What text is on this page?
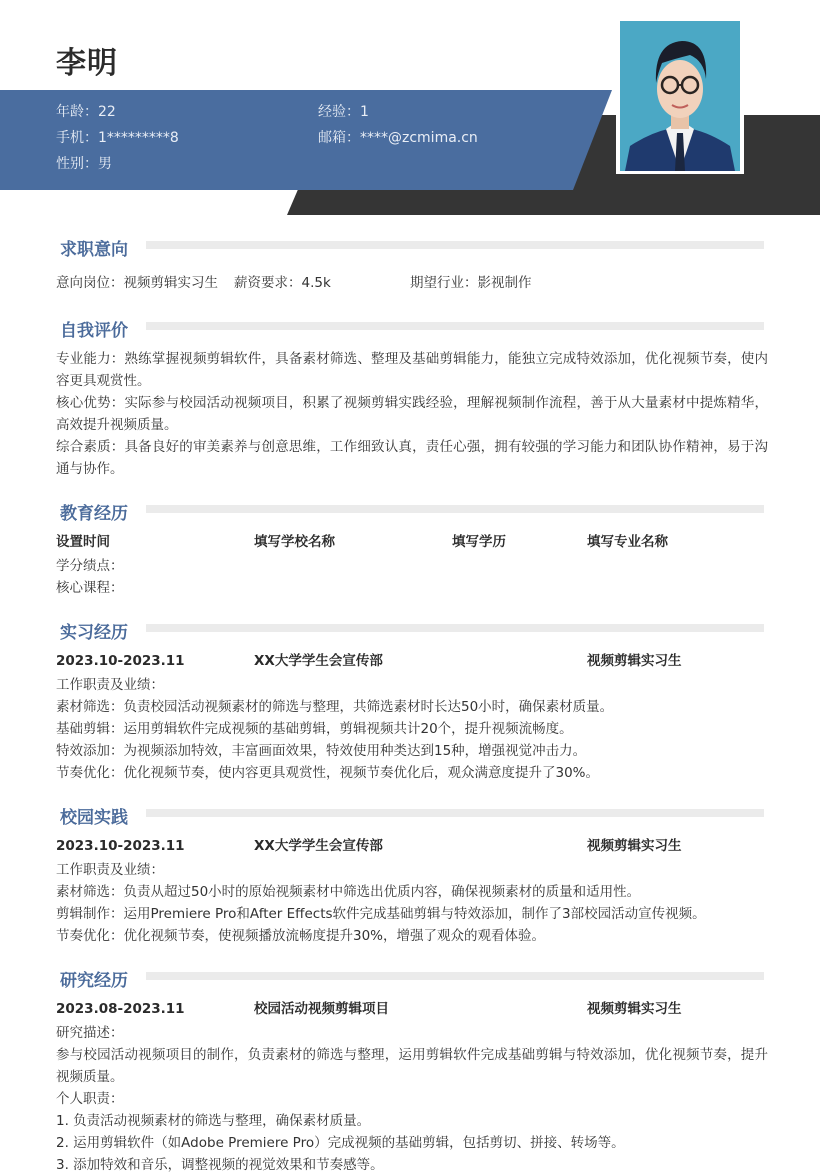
李明
年龄：22	经验：1
手机：1*********8	邮箱：****@zcmima.cn
性别：男
求职意向
意向岗位：视频剪辑实习生 薪资要求：4.5k	期望行业：影视制作
自我评价
专业能力：熟练掌握视频剪辑软件，具备素材筛选、整理及基础剪辑能力，能独立完成特效添加，优化视频节奏，使内容更具观赏性。
核心优势：实际参与校园活动视频项目，积累了视频剪辑实践经验，理解视频制作流程，善于从大量素材中提炼精华，高效提升视频质量。
综合素质：具备良好的审美素养与创意思维，工作细致认真，责任心强，拥有较强的学习能力和团队协作精神，易于沟通与协作。
教育经历
设置时间	填写学校名称	填写学历	填写专业名称
学分绩点：
核心课程：
实习经历
2023.10-2023.11	XX大学学生会宣传部	视频剪辑实习生
工作职责及业绩：
素材筛选：负责校园活动视频素材的筛选与整理，共筛选素材时长达50小时，确保素材质量。
基础剪辑：运用剪辑软件完成视频的基础剪辑，剪辑视频共计20个，提升视频流畅度。
特效添加：为视频添加特效，丰富画面效果，特效使用种类达到15种，增强视觉冲击力。
节奏优化：优化视频节奏，使内容更具观赏性，视频节奏优化后，观众满意度提升了30%。
校园实践
2023.10-2023.11	XX大学学生会宣传部	视频剪辑实习生
工作职责及业绩：
素材筛选：负责从超过50小时的原始视频素材中筛选出优质内容，确保视频素材的质量和适用性。
剪辑制作：运用Premiere Pro和After Effects软件完成基础剪辑与特效添加，制作了3部校园活动宣传视频。
节奏优化：优化视频节奏，使视频播放流畅度提升30%，增强了观众的观看体验。
研究经历
2023.08-2023.11	校园活动视频剪辑项目	视频剪辑实习生
研究描述：
参与校园活动视频项目的制作，负责素材的筛选与整理，运用剪辑软件完成基础剪辑与特效添加，优化视频节奏，提升视频质量。
个人职责：
1. 负责活动视频素材的筛选与整理，确保素材质量。
2. 运用剪辑软件（如Adobe Premiere Pro）完成视频的基础剪辑，包括剪切、拼接、转场等。
3. 添加特效和音乐，调整视频的视觉效果和节奏感等。
